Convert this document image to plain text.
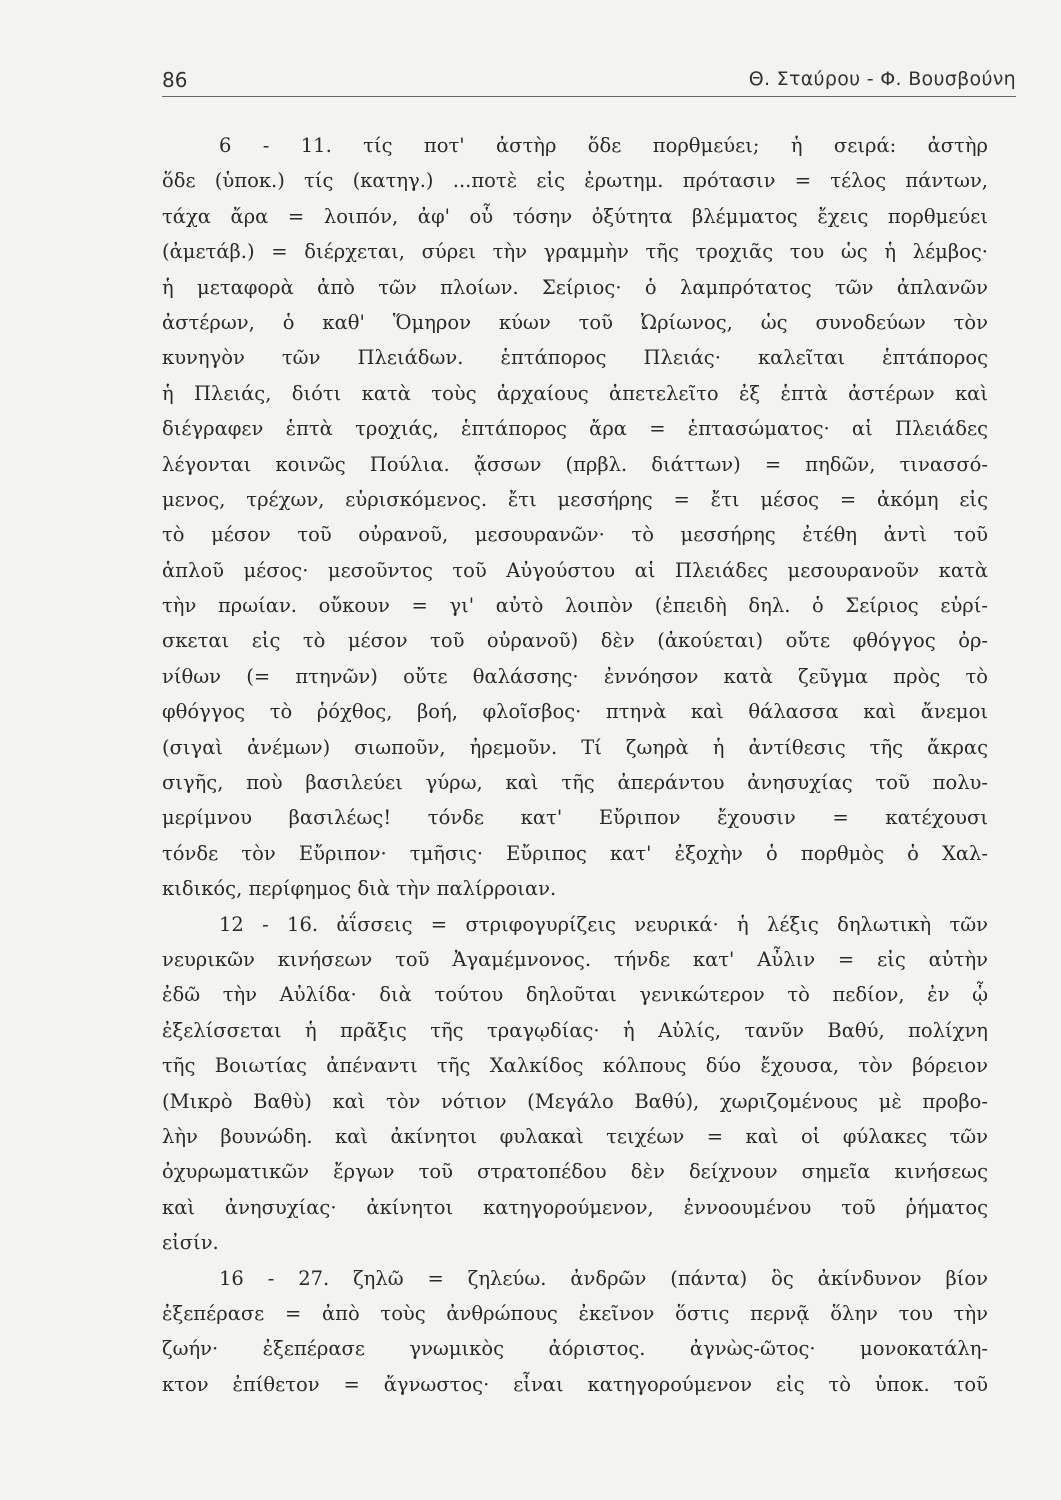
86	Θ. Σταύρου - Φ. Βουσβούνη
6 - 11. τίς ποτ' ἀστὴρ ὅδε πορθμεύει; ἡ σειρά: ἀστὴρ
ὅδε (ὑποκ.) τίς (κατηγ.) ...ποτὲ εἰς ἐρωτημ. πρότασιν = τέλος πάντων,
τάχα ἄρα = λοιπόν, ἀφ' οὗ τόσην ὀξύτητα βλέμματος ἔχεις πορθμεύει
(ἀμετάβ.) = διέρχεται, σύρει τὴν γραμμὴν τῆς τροχιᾶς του ὡς ἡ λέμβος·
ἡ μεταφορὰ ἀπὸ τῶν πλοίων. Σείριος· ὁ λαμπρότατος τῶν ἀπλανῶν
ἀστέρων, ὁ καθ' Ὅμηρον κύων τοῦ Ὠρίωνος, ὡς συνοδεύων τὸν
κυνηγὸν τῶν Πλειάδων. ἑπτάπορος Πλειάς· καλεῖται ἑπτάπορος
ἡ Πλειάς, διότι κατὰ τοὺς ἀρχαίους ἀπετελεῖτο ἐξ ἑπτὰ ἀστέρων καὶ
διέγραφεν ἑπτὰ τροχιάς, ἑπτάπορος ἄρα = ἑπτασώματος· αἱ Πλειάδες
λέγονται κοινῶς Πούλια. ᾄσσων (πρβλ. διάττων) = πηδῶν, τινασσό-
μενος, τρέχων, εὑρισκόμενος. ἔτι μεσσήρης = ἔτι μέσος = ἀκόμη εἰς
τὸ μέσον τοῦ οὐρανοῦ, μεσουρανῶν· τὸ μεσσήρης ἐτέθη ἀντὶ τοῦ
ἁπλοῦ μέσος· μεσοῦντος τοῦ Αὐγούστου αἱ Πλειάδες μεσουρανοῦν κατὰ
τὴν πρωίαν. οὔκουν = γι' αὐτὸ λοιπὸν (ἐπειδὴ δηλ. ὁ Σείριος εὑρί-
σκεται εἰς τὸ μέσον τοῦ οὐρανοῦ) δὲν (ἀκούεται) οὔτε φθόγγος ὀρ-
νίθων (= πτηνῶν) οὔτε θαλάσσης· ἐννόησον κατὰ ζεῦγμα πρὸς τὸ
φθόγγος τὸ ῥόχθος, βοή, φλοῖσβος· πτηνὰ καὶ θάλασσα καὶ ἄνεμοι
(σιγαὶ ἀνέμων) σιωποῦν, ἠρεμοῦν. Τί ζωηρὰ ἡ ἀντίθεσις τῆς ἄκρας
σιγῆς, ποὺ βασιλεύει γύρω, καὶ τῆς ἀπεράντου ἀνησυχίας τοῦ πολυ-
μερίμνου βασιλέως! τόνδε κατ' Εὔριπον ἔχουσιν = κατέχουσι
τόνδε τὸν Εὔριπον· τμῆσις· Εὔριπος κατ' ἐξοχὴν ὁ πορθμὸς ὁ Χαλ-
κιδικός, περίφημος διὰ τὴν παλίρροιαν.
12 - 16. ἀΐσσεις = στριφογυρίζεις νευρικά· ἡ λέξις δηλωτικὴ τῶν
νευρικῶν κινήσεων τοῦ Ἀγαμέμνονος. τήνδε κατ' Αὖλιν = εἰς αὐτὴν
ἐδῶ τὴν Αὐλίδα· διὰ τούτου δηλοῦται γενικώτερον τὸ πεδίον, ἐν ᾧ
ἐξελίσσεται ἡ πρᾶξις τῆς τραγῳδίας· ἡ Αὐλίς, τανῦν Βαθύ, πολίχνη
τῆς Βοιωτίας ἀπέναντι τῆς Χαλκίδος κόλπους δύο ἔχουσα, τὸν βόρειον
(Μικρὸ Βαθὺ) καὶ τὸν νότιον (Μεγάλο Βαθύ), χωριζομένους μὲ προβο-
λὴν βουνώδη. καὶ ἀκίνητοι φυλακαὶ τειχέων = καὶ οἱ φύλακες τῶν
ὀχυρωματικῶν ἔργων τοῦ στρατοπέδου δὲν δείχνουν σημεῖα κινήσεως
καὶ ἀνησυχίας· ἀκίνητοι κατηγορούμενον, ἐννοουμένου τοῦ ῥήματος
εἰσίν.
16 - 27. ζηλῶ = ζηλεύω. ἀνδρῶν (πάντα) ὃς ἀκίνδυνον βίον
ἐξεπέρασε = ἀπὸ τοὺς ἀνθρώπους ἐκεῖνον ὅστις περνᾷ ὅλην του τὴν
ζωήν· ἐξεπέρασε γνωμικὸς ἀόριστος. ἀγνὼς-ῶτος· μονοκατάλη-
κτον ἐπίθετον = ἄγνωστος· εἶναι κατηγορούμενον εἰς τὸ ὑποκ. τοῦ
